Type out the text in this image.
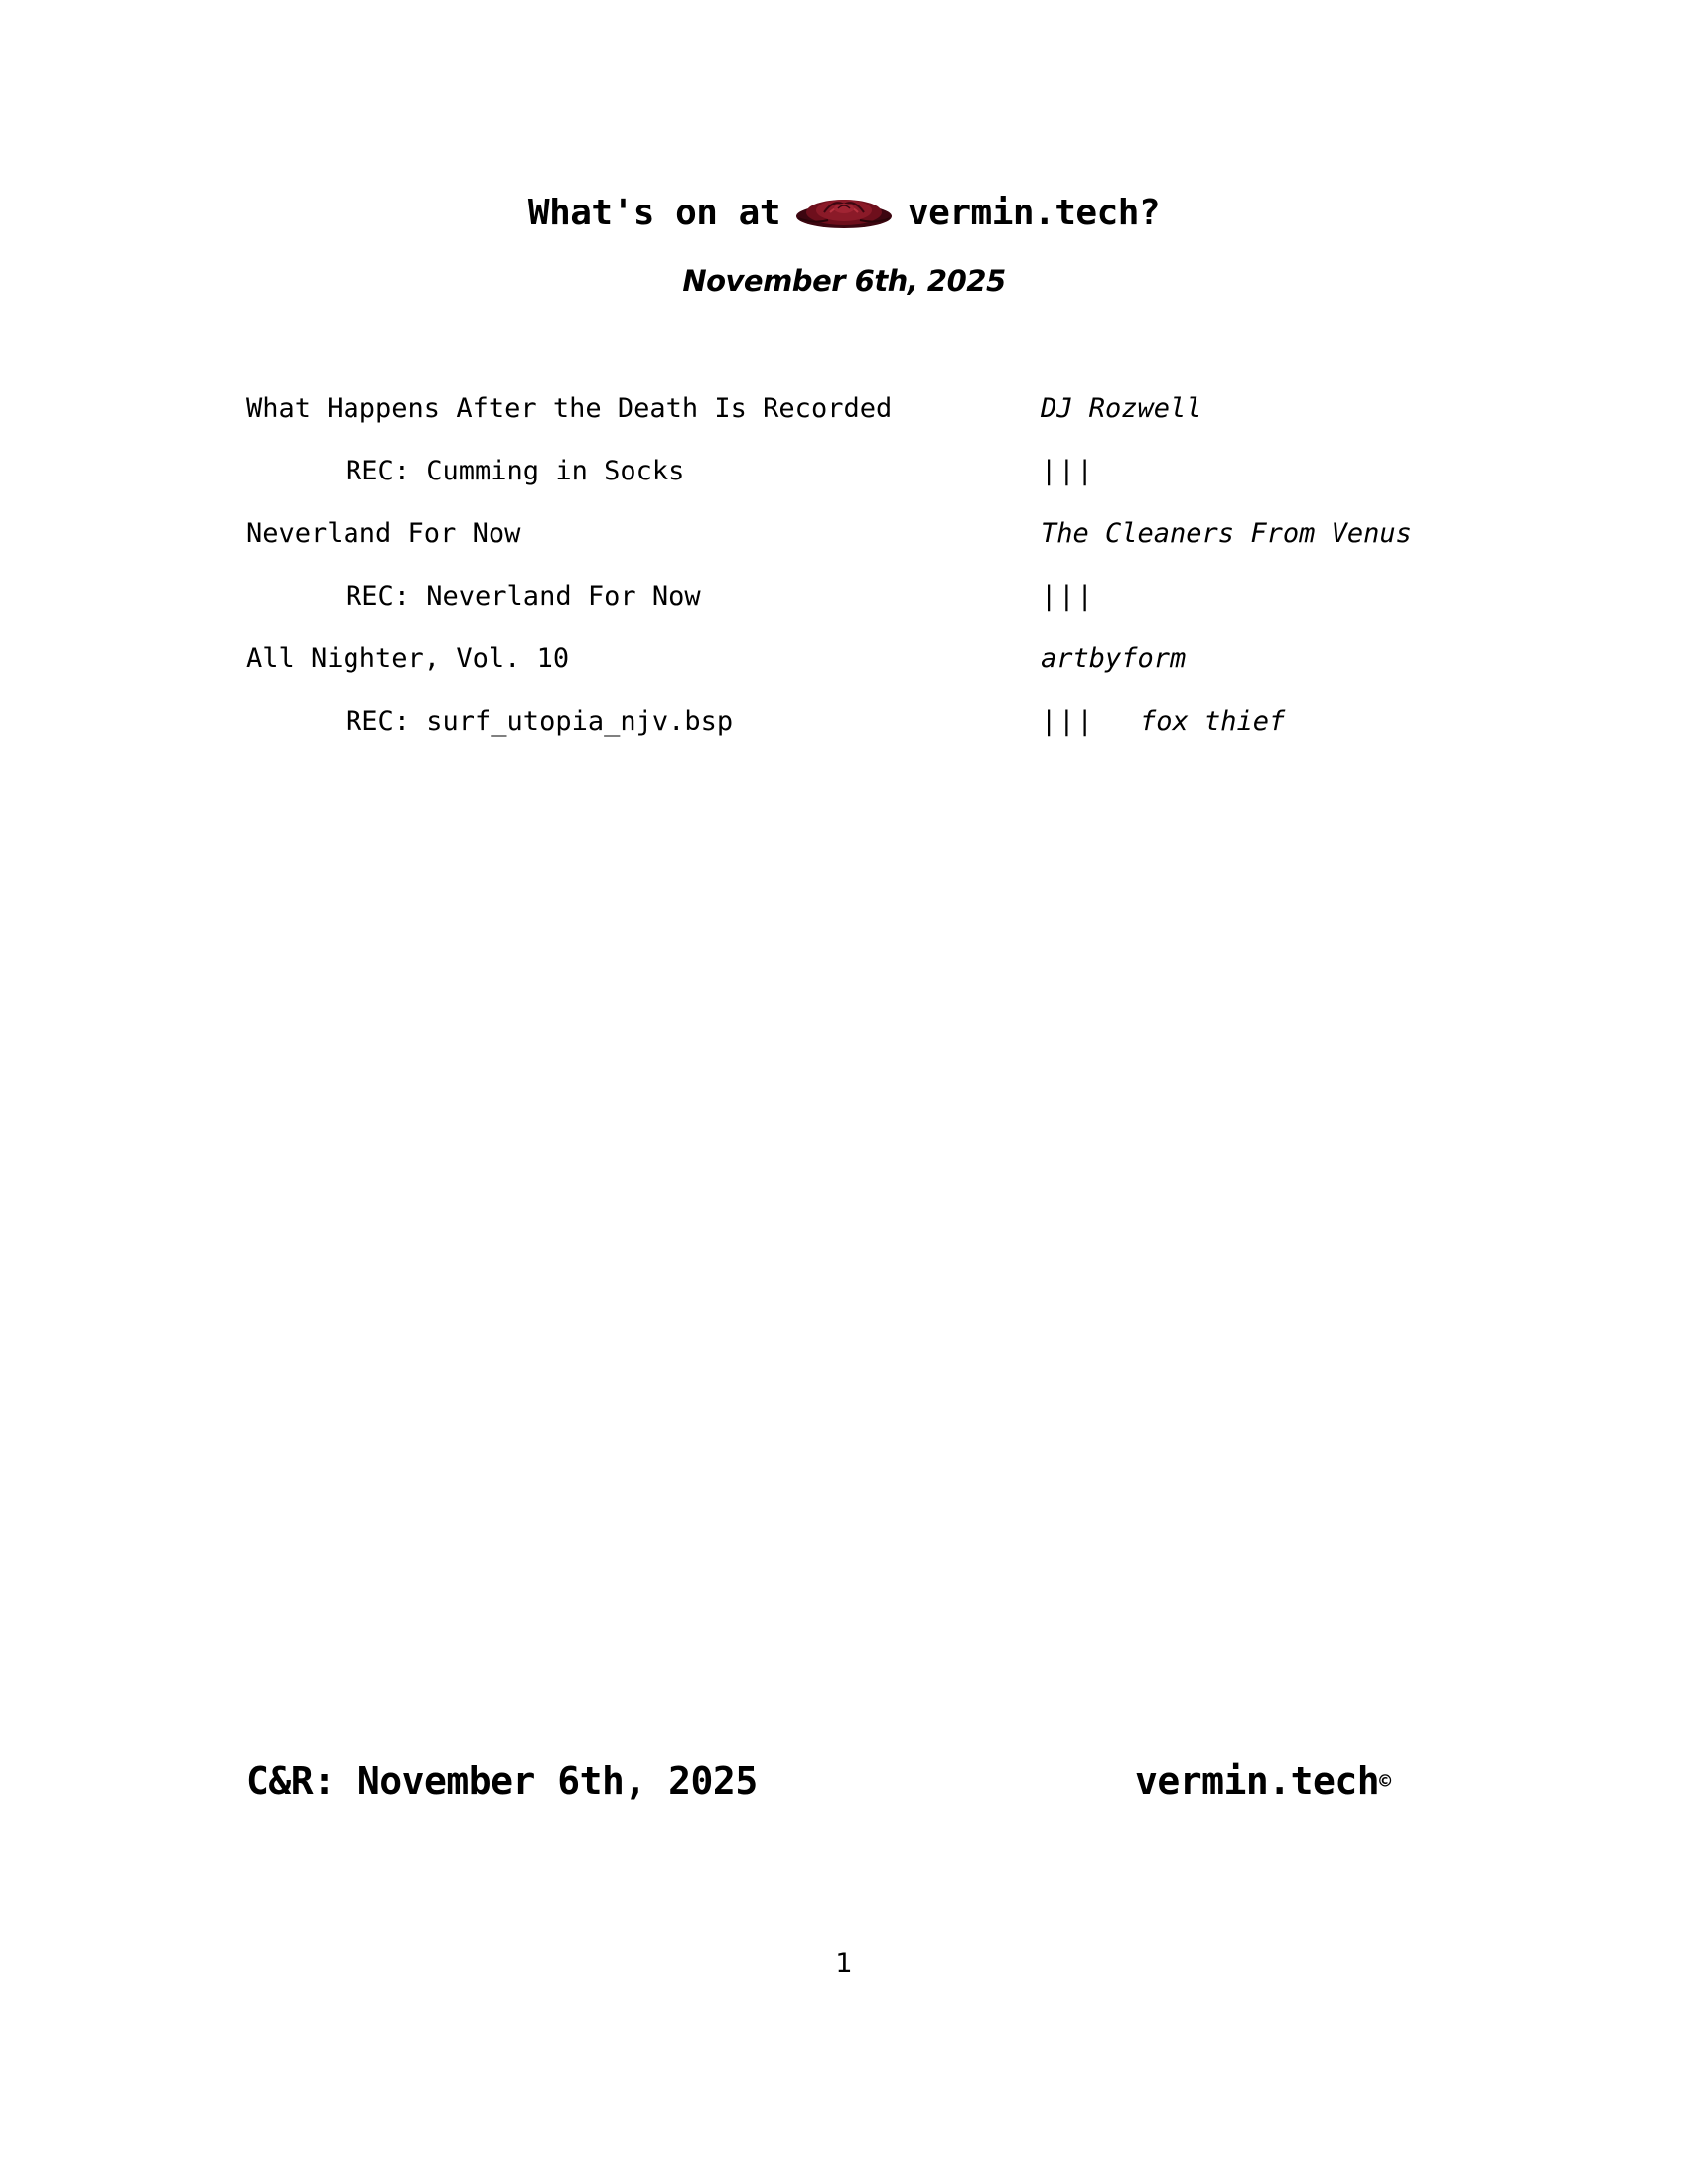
What's on at	vermin.tech?
November 6th, 2025
What Happens After the Death Is Recorded	DJ Rozwell
REC: Cumming in Socks	|||
Neverland For Now	The Cleaners From Venus
REC: Neverland For Now	|||
All Nighter, Vol. 10	artbyform
REC: surf_utopia_njv.bsp	||| fox thief
C&R: November 6th, 2025	vermin.tech©
1
